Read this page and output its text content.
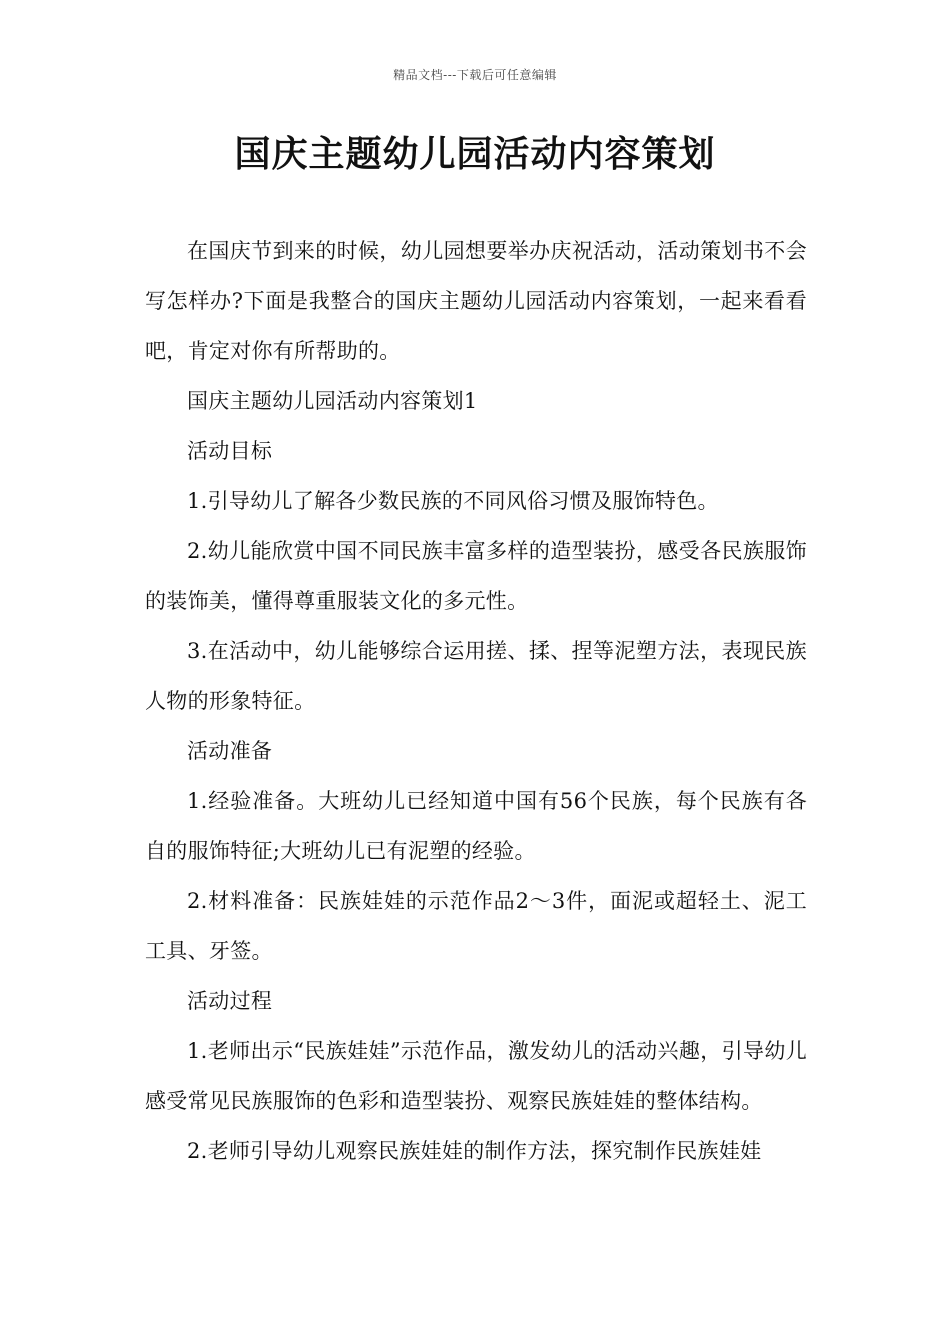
精品文档---下载后可任意编辑
国庆主题幼儿园活动内容策划

在国庆节到来的时候，幼儿园想要举办庆祝活动，活动策划书不会写怎样办?下面是我整合的国庆主题幼儿园活动内容策划，一起来看看吧，肯定对你有所帮助的。

国庆主题幼儿园活动内容策划1

活动目标

1.引导幼儿了解各少数民族的不同风俗习惯及服饰特色。

2.幼儿能欣赏中国不同民族丰富多样的造型装扮，感受各民族服饰的装饰美，懂得尊重服装文化的多元性。

3.在活动中，幼儿能够综合运用搓、揉、捏等泥塑方法，表现民族人物的形象特征。

活动准备

1.经验准备。大班幼儿已经知道中国有56个民族，每个民族有各自的服饰特征;大班幼儿已有泥塑的经验。

2.材料准备：民族娃娃的示范作品2～3件，面泥或超轻土、泥工工具、牙签。

活动过程

1.老师出示“民族娃娃”示范作品，激发幼儿的活动兴趣，引导幼儿感受常见民族服饰的色彩和造型装扮、观察民族娃娃的整体结构。

2.老师引导幼儿观察民族娃娃的制作方法，探究制作民族娃娃
